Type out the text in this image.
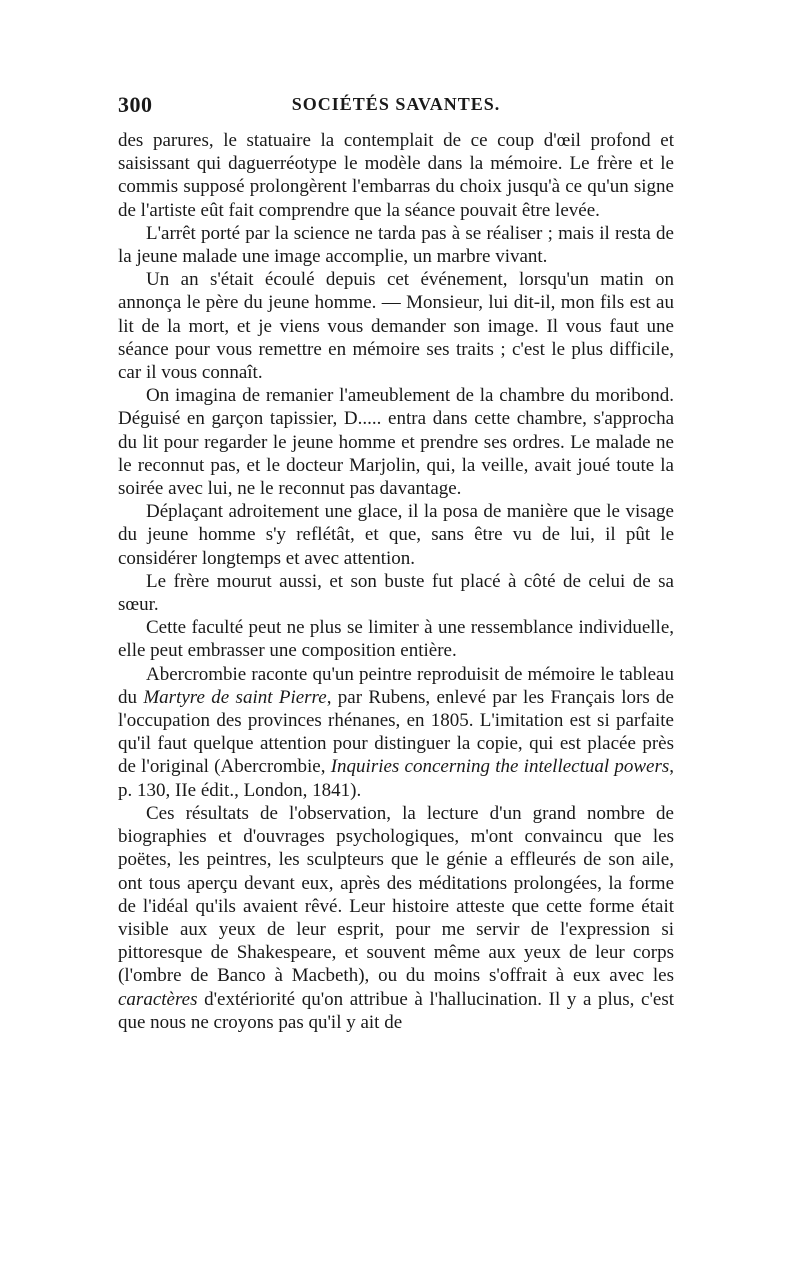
300	SOCIÉTÉS SAVANTES.

des parures, le statuaire la contemplait de ce coup d'œil profond et saisissant qui daguerréotype le modèle dans la mémoire. Le frère et le commis supposé prolongèrent l'embarras du choix jusqu'à ce qu'un signe de l'artiste eût fait comprendre que la séance pouvait être levée.

L'arrêt porté par la science ne tarda pas à se réaliser ; mais il resta de la jeune malade une image accomplie, un marbre vivant.

Un an s'était écoulé depuis cet événement, lorsqu'un matin on annonça le père du jeune homme. — Monsieur, lui dit-il, mon fils est au lit de la mort, et je viens vous demander son image. Il vous faut une séance pour vous remettre en mémoire ses traits ; c'est le plus difficile, car il vous connaît.

On imagina de remanier l'ameublement de la chambre du moribond. Déguisé en garçon tapissier, D..... entra dans cette chambre, s'approcha du lit pour regarder le jeune homme et prendre ses ordres. Le malade ne le reconnut pas, et le docteur Marjolin, qui, la veille, avait joué toute la soirée avec lui, ne le reconnut pas davantage.

Déplaçant adroitement une glace, il la posa de manière que le visage du jeune homme s'y reflétât, et que, sans être vu de lui, il pût le considérer longtemps et avec attention.

Le frère mourut aussi, et son buste fut placé à côté de celui de sa sœur.

Cette faculté peut ne plus se limiter à une ressemblance individuelle, elle peut embrasser une composition entière.

Abercrombie raconte qu'un peintre reproduisit de mémoire le tableau du Martyre de saint Pierre, par Rubens, enlevé par les Français lors de l'occupation des provinces rhénanes, en 1805. L'imitation est si parfaite qu'il faut quelque attention pour distinguer la copie, qui est placée près de l'original (Abercrombie, Inquiries concerning the intellectual powers, p. 130, IIe édit., London, 1841).

Ces résultats de l'observation, la lecture d'un grand nombre de biographies et d'ouvrages psychologiques, m'ont convaincu que les poëtes, les peintres, les sculpteurs que le génie a effleurés de son aile, ont tous aperçu devant eux, après des méditations prolongées, la forme de l'idéal qu'ils avaient rêvé. Leur histoire atteste que cette forme était visible aux yeux de leur esprit, pour me servir de l'expression si pittoresque de Shakespeare, et souvent même aux yeux de leur corps (l'ombre de Banco à Macbeth), ou du moins s'offrait à eux avec les caractères d'extériorité qu'on attribue à l'hallucination. Il y a plus, c'est que nous ne croyons pas qu'il y ait de
